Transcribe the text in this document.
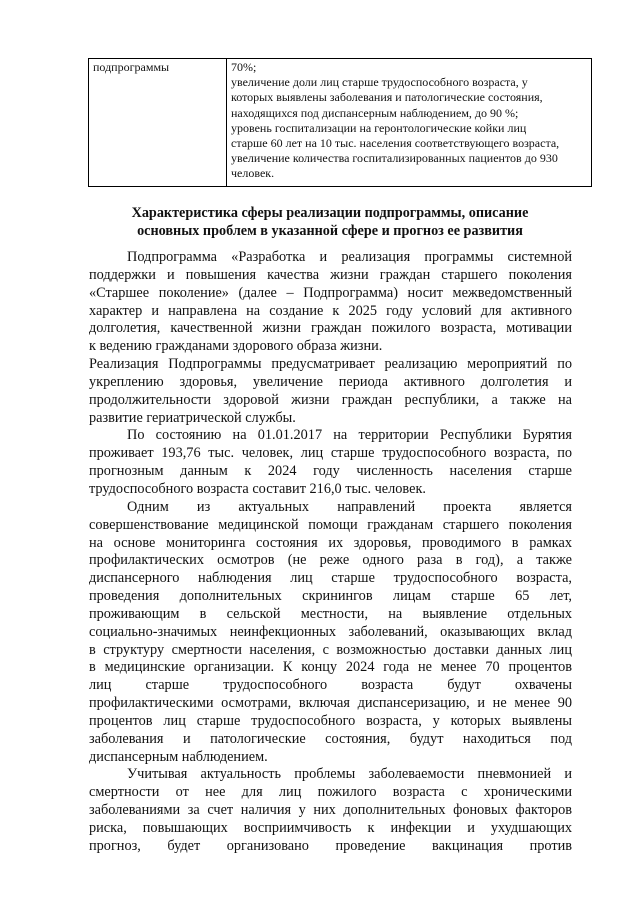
подпрограммы	70%;
увеличение доли лиц старше трудоспособного возраста, у
которых выявлены заболевания и патологические состояния,
находящихся под диспансерным наблюдением, до 90 %;
уровень госпитализации на геронтологические койки лиц
старше 60 лет на 10 тыс. населения соответствующего возраста,
увеличение количества госпитализированных пациентов до 930
человек.
Характеристика сферы реализации подпрограммы, описание
основных проблем в указанной сфере и прогноз ее развития
Подпрограмма «Разработка и реализация программы системной
поддержки и повышения качества жизни граждан старшего поколения
«Старшее поколение» (далее – Подпрограмма) носит межведомственный
характер и направлена на создание к 2025 году условий для активного
долголетия, качественной жизни граждан пожилого возраста, мотивации
к ведению гражданами здорового образа жизни.
Реализация Подпрограммы предусматривает реализацию мероприятий по
укреплению здоровья, увеличение периода активного долголетия и
продолжительности здоровой жизни граждан республики, а также на
развитие гериатрической службы.
По состоянию на 01.01.2017 на территории Республики Бурятия
проживает 193,76 тыс. человек, лиц старше трудоспособного возраста, по
прогнозным данным к 2024 году численность населения старше
трудоспособного возраста составит 216,0 тыс. человек.
Одним из актуальных направлений проекта является
совершенствование медицинской помощи гражданам старшего поколения
на основе мониторинга состояния их здоровья, проводимого в рамках
профилактических осмотров (не реже одного раза в год), а также
диспансерного наблюдения лиц старше трудоспособного возраста,
проведения дополнительных скринингов лицам старше 65 лет,
проживающим в сельской местности, на выявление отдельных
социально-значимых неинфекционных заболеваний, оказывающих вклад
в структуру смертности населения, с возможностью доставки данных лиц
в медицинские организации. К концу 2024 года не менее 70 процентов
лиц старше трудоспособного возраста будут охвачены
профилактическими осмотрами, включая диспансеризацию, и не менее 90
процентов лиц старше трудоспособного возраста, у которых выявлены
заболевания и патологические состояния, будут находиться под
диспансерным наблюдением.
Учитывая актуальность проблемы заболеваемости пневмонией и
смертности от нее для лиц пожилого возраста с хроническими
заболеваниями за счет наличия у них дополнительных фоновых факторов
риска, повышающих восприимчивость к инфекции и ухудшающих
прогноз, будет организовано проведение вакцинация против
